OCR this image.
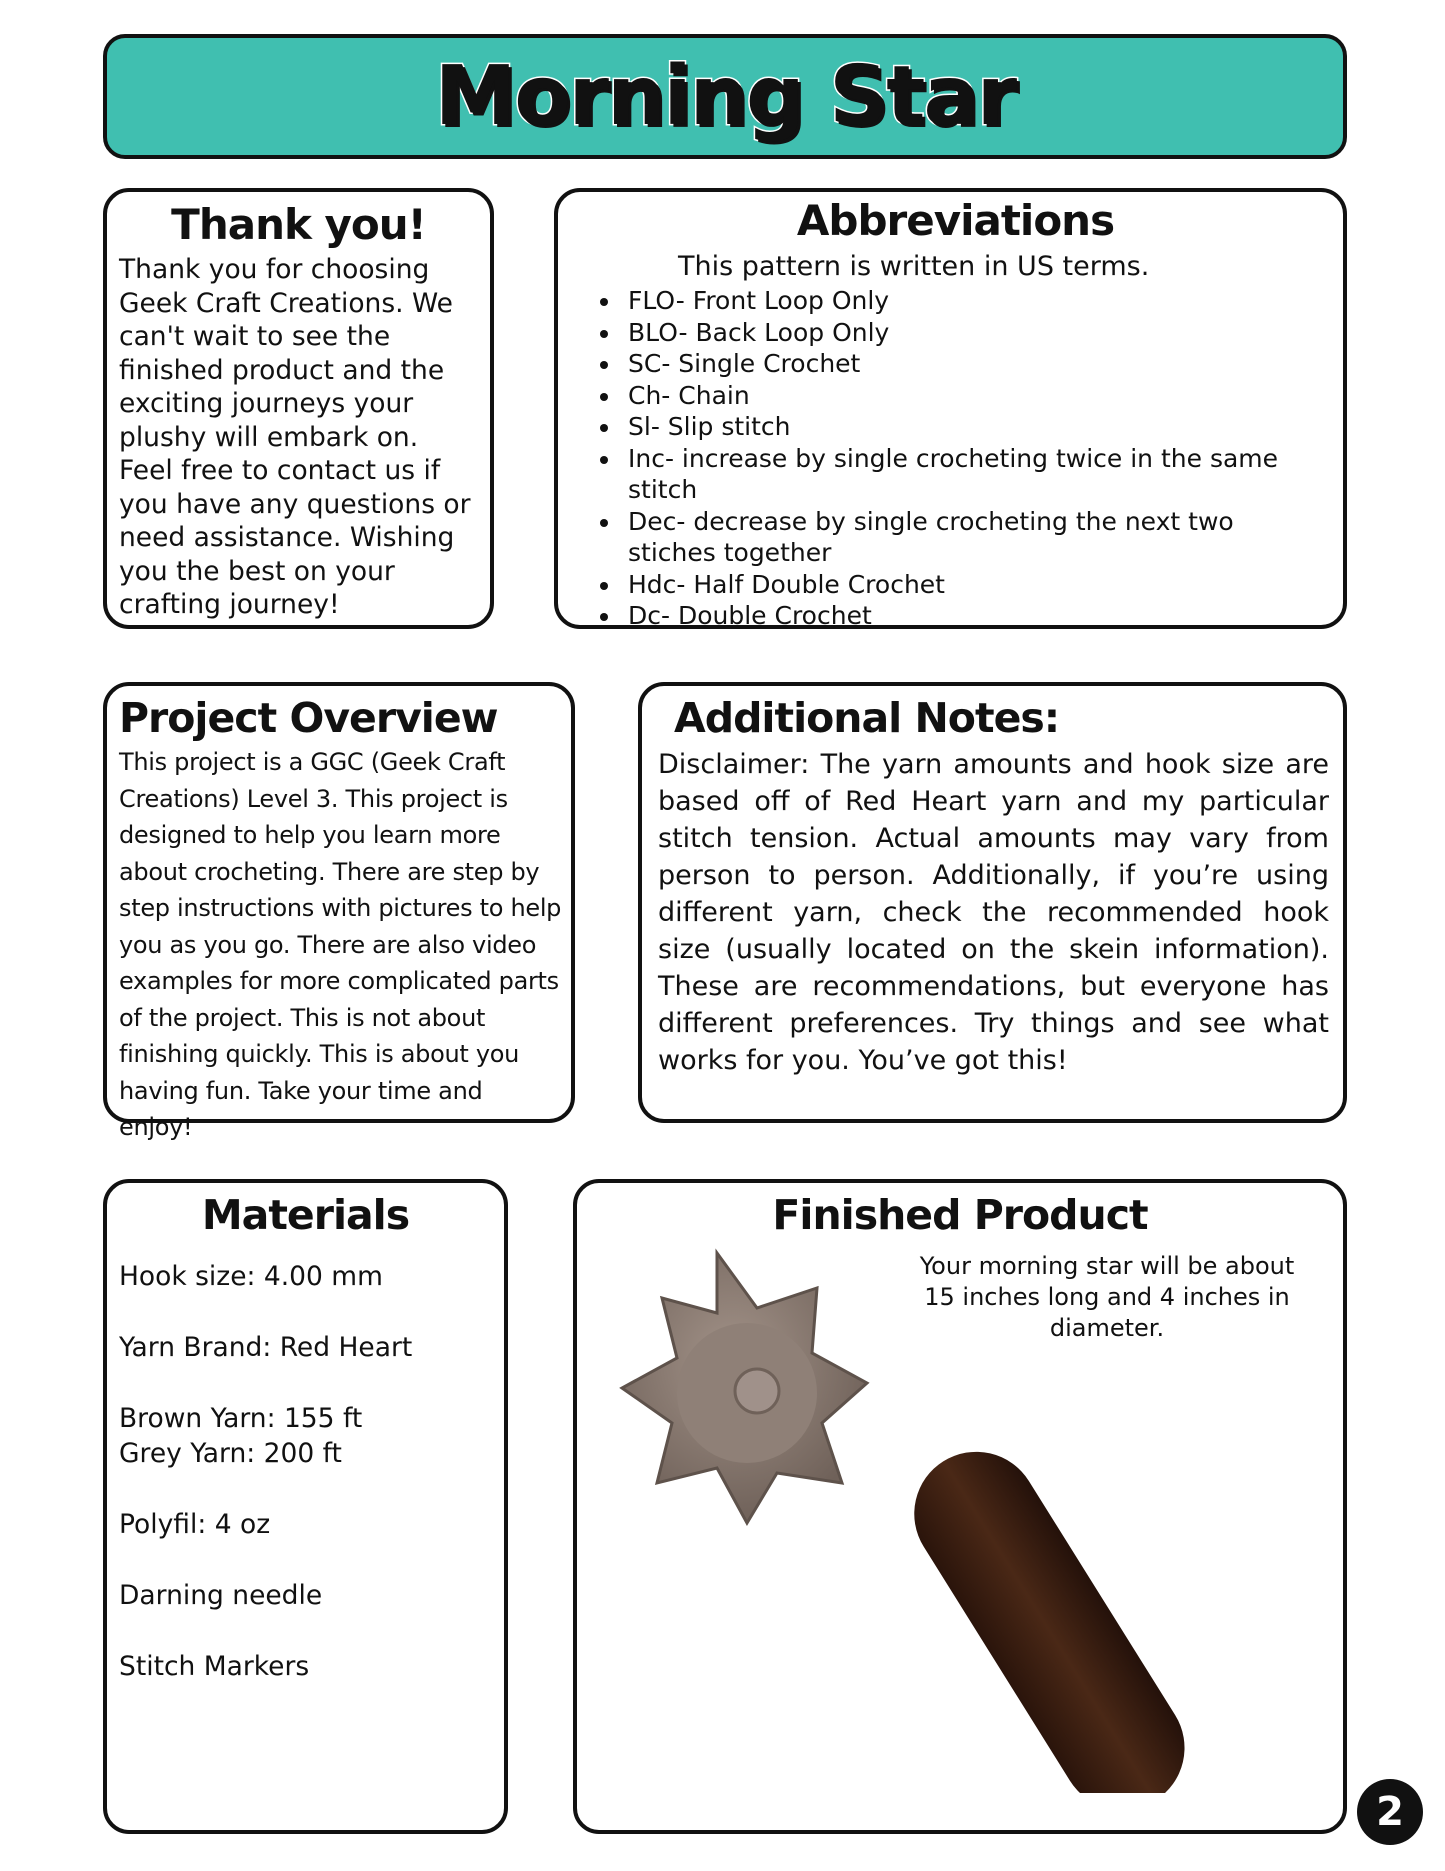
Morning Star
Thank you!

Thank you for choosing Geek Craft Creations. We can't wait to see the finished product and the exciting journeys your plushy will embark on. Feel free to contact us if you have any questions or need assistance. Wishing you the best on your crafting journey!

Abbreviations

This pattern is written in US terms.

• FLO- Front Loop Only
• BLO- Back Loop Only
• SC- Single Crochet
• Ch- Chain
• Sl- Slip stitch
• Inc- increase by single crocheting twice in the same stitch
• Dec- decrease by single crocheting the next two stiches together
• Hdc- Half Double Crochet
• Dc- Double Crochet
Project Overview

This project is a GGC (Geek Craft Creations) Level 3. This project is designed to help you learn more about crocheting. There are step by step instructions with pictures to help you as you go. There are also video examples for more complicated parts of the project. This is not about finishing quickly. This is about you having fun. Take your time and enjoy!

Additional Notes:

Disclaimer: The yarn amounts and hook size are based off of Red Heart yarn and my particular stitch tension. Actual amounts may vary from person to person. Additionally, if you’re using different yarn, check the recommended hook size (usually located on the skein information). These are recommendations, but everyone has different preferences. Try things and see what works for you. You’ve got this!

Materials

Hook size: 4.00 mm

Yarn Brand: Red Heart

Brown Yarn: 155 ft

Grey Yarn: 200 ft

Polyfil: 4 oz

Darning needle

Stitch Markers

Finished Product

Your morning star will be about 15 inches long and 4 inches in diameter.

2
